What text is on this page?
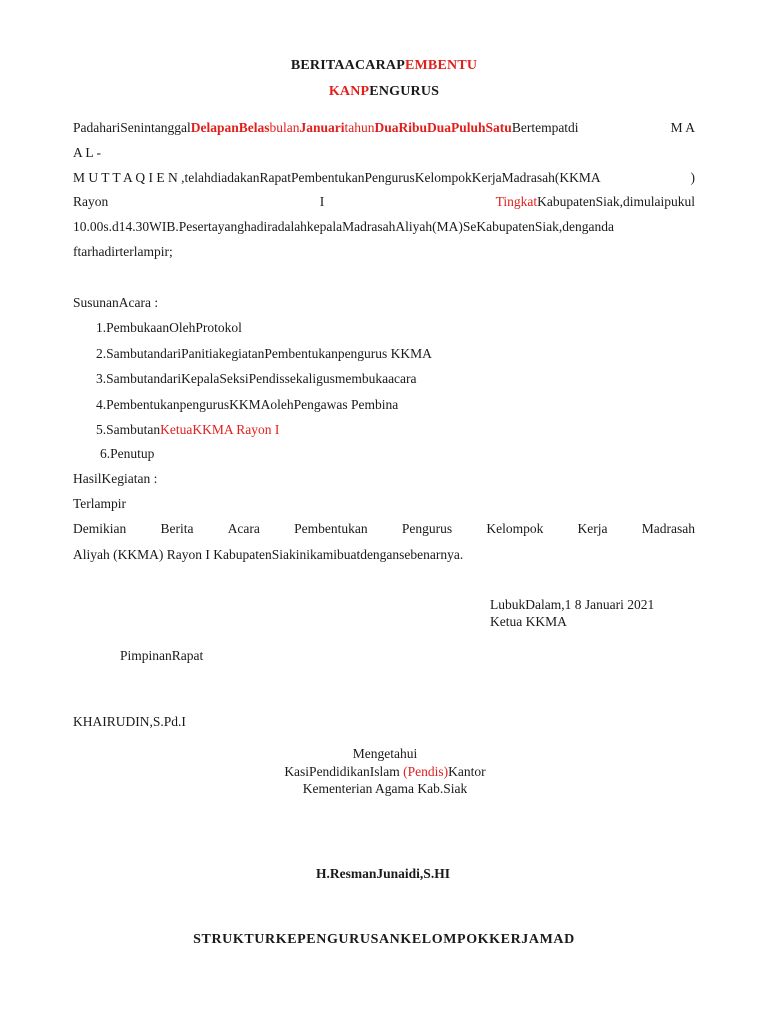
BERITAACARAPEMBENTU
KANPENGURUS
PadahariSenintanggalDelapanBelasbulanJanuaritahunDuaRibuDuaPuluhSatuBertempatdi	M A
A L -
M U T T A Q I E N ,telahdiadakanRapatPembentukanPengurusKelompokKerjaMadrasah(KKMA	)
Rayon	I	TingkatKabupatenSiak,dimulaipukul
10.00s.d14.30WIB.PesertayanghadiradalahkepalaMadrasahAliyah(MA)SeKabupatenSiak,denganda
ftarhadirterlampir;
SusunanAcara :
1.PembukaanOlehProtokol
2.SambutandariPanitiakegiatanPembentukanpengurus KKMA
3.SambutandariKepalaSeksiPendissekaligusmembukaacara
4.PembentukanpengurusKKMAolehPengawas Pembina
5.SambutanKetuaKKMA Rayon I
6.Penutup
HasilKegiatan :
Terlampir
Demikian	Berita	Acara	Pembentukan	Pengurus	Kelompok	Kerja	Madrasah
Aliyah (KKMA) Rayon I KabupatenSiakinikamibuatdengansebenarnya.
LubukDalam,1 8 Januari 2021
Ketua KKMA
PimpinanRapat
KHAIRUDIN,S.Pd.I
Mengetahui
KasiPendidikanIslam (Pendis)Kantor
Kementerian Agama Kab.Siak
H.ResmanJunaidi,S.HI
STRUKTURKEPENGURUSANKELOMPOKKERJAMAD
